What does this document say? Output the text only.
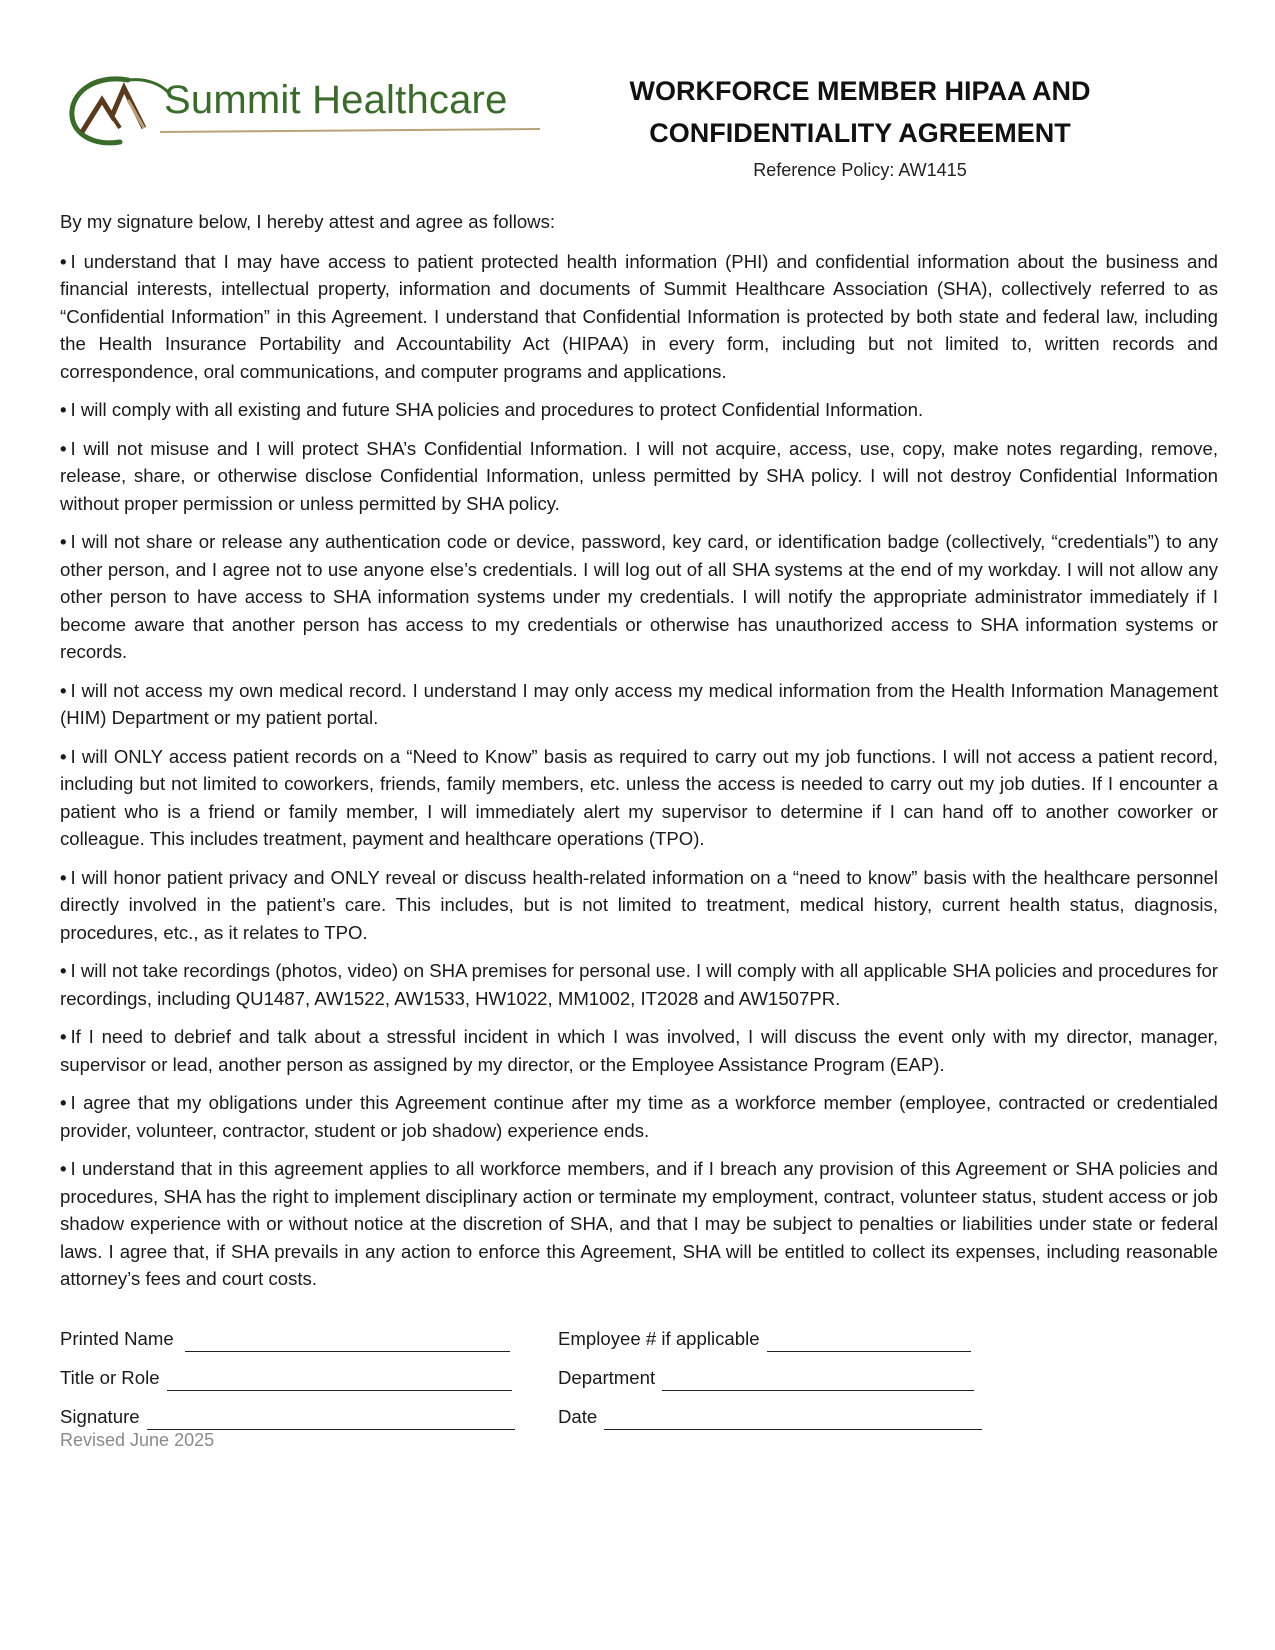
Summit Healthcare	WORKFORCE MEMBER HIPAA AND
CONFIDENTIALITY AGREEMENT
Reference Policy: AW1415

By my signature below, I hereby attest and agree as follows:

• I understand that I may have access to patient protected health information (PHI) and confidential information about the business and financial interests, intellectual property, information and documents of Summit Healthcare Association (SHA), collectively referred to as “Confidential Information” in this Agreement. I understand that Confidential Information is protected by both state and federal law, including the Health Insurance Portability and Accountability Act (HIPAA) in every form, including but not limited to, written records and correspondence, oral communications, and computer programs and applications.

• I will comply with all existing and future SHA policies and procedures to protect Confidential Information.

• I will not misuse and I will protect SHA’s Confidential Information. I will not acquire, access, use, copy, make notes regarding, remove, release, share, or otherwise disclose Confidential Information, unless permitted by SHA policy. I will not destroy Confidential Information without proper permission or unless permitted by SHA policy.

• I will not share or release any authentication code or device, password, key card, or identification badge (collectively, “credentials”) to any other person, and I agree not to use anyone else’s credentials. I will log out of all SHA systems at the end of my workday. I will not allow any other person to have access to SHA information systems under my credentials. I will notify the appropriate administrator immediately if I become aware that another person has access to my credentials or otherwise has unauthorized access to SHA information systems or records.

• I will not access my own medical record. I understand I may only access my medical information from the Health Information Management (HIM) Department or my patient portal.

• I will ONLY access patient records on a “Need to Know” basis as required to carry out my job functions. I will not access a patient record, including but not limited to coworkers, friends, family members, etc. unless the access is needed to carry out my job duties. If I encounter a patient who is a friend or family member, I will immediately alert my supervisor to determine if I can hand off to another coworker or colleague. This includes treatment, payment and healthcare operations (TPO).

• I will honor patient privacy and ONLY reveal or discuss health-related information on a “need to know” basis with the healthcare personnel directly involved in the patient’s care. This includes, but is not limited to treatment, medical history, current health status, diagnosis, procedures, etc., as it relates to TPO.

• I will not take recordings (photos, video) on SHA premises for personal use. I will comply with all applicable SHA policies and procedures for recordings, including QU1487, AW1522, AW1533, HW1022, MM1002, IT2028 and AW1507PR.

• If I need to debrief and talk about a stressful incident in which I was involved, I will discuss the event only with my director, manager, supervisor or lead, another person as assigned by my director, or the Employee Assistance Program (EAP).

• I agree that my obligations under this Agreement continue after my time as a workforce member (employee, contracted or credentialed provider, volunteer, contractor, student or job shadow) experience ends.

• I understand that in this agreement applies to all workforce members, and if I breach any provision of this Agreement or SHA policies and procedures, SHA has the right to implement disciplinary action or terminate my employment, contract, volunteer status, student access or job shadow experience with or without notice at the discretion of SHA, and that I may be subject to penalties or liabilities under state or federal laws. I agree that, if SHA prevails in any action to enforce this Agreement, SHA will be entitled to collect its expenses, including reasonable attorney’s fees and court costs.

Printed Name	Employee # if applicable
Title or Role	Department
Signature	Date
Revised June 2025
